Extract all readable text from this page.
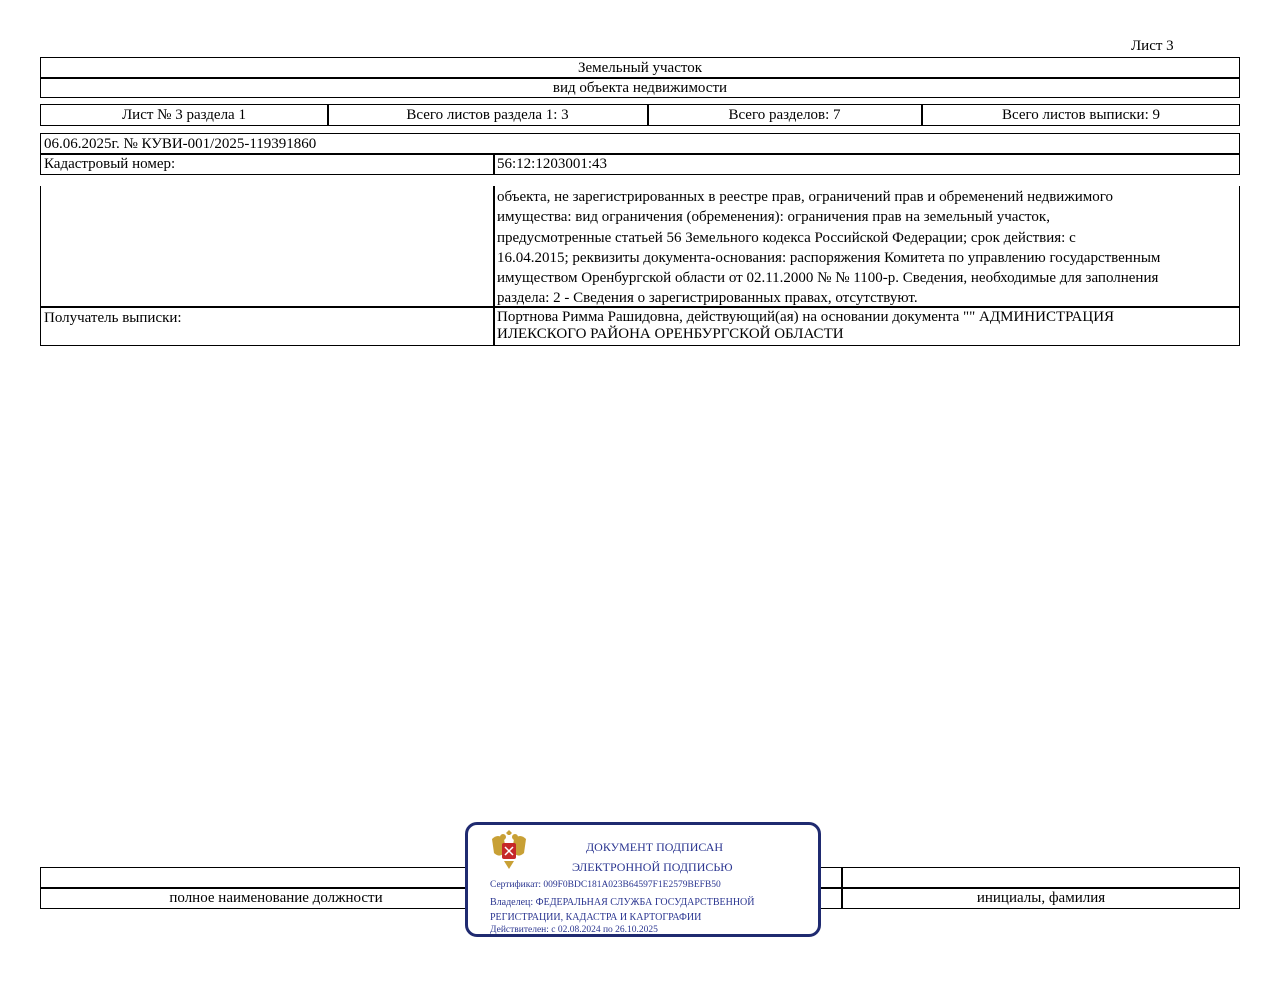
Лист 3
Земельный участок
вид объекта недвижимости
Лист № 3 раздела 1	Всего листов раздела 1: 3	Всего разделов: 7	Всего листов выписки: 9
06.06.2025г. № КУВИ-001/2025-119391860
Кадастровый номер:	56:12:1203001:43
объекта, не зарегистрированных в реестре прав, ограничений прав и обременений недвижимого
имущества: вид ограничения (обременения): ограничения прав на земельный участок,
предусмотренные статьей 56 Земельного кодекса Российской Федерации; срок действия: с
16.04.2015; реквизиты документа-основания: распоряжения Комитета по управлению государственным
имуществом Оренбургской области от 02.11.2000 № № 1100-р. Сведения, необходимые для заполнения
раздела: 2 - Сведения о зарегистрированных правах, отсутствуют.
Получатель выписки:	Портнова Римма Рашидовна, действующий(ая) на основании документа "" АДМИНИСТРАЦИЯ
ИЛЕКСКОГО РАЙОНА ОРЕНБУРГСКОЙ ОБЛАСТИ
полное наименование должности	инициалы, фамилия
ДОКУМЕНТ ПОДПИСАН
ЭЛЕКТРОННОЙ ПОДПИСЬЮ
Сертификат: 009F0BDC181A023B64597F1E2579BEFB50
Владелец: ФЕДЕРАЛЬНАЯ СЛУЖБА ГОСУДАРСТВЕННОЙ
РЕГИСТРАЦИИ, КАДАСТРА И КАРТОГРАФИИ
Действителен: с 02.08.2024 по 26.10.2025
